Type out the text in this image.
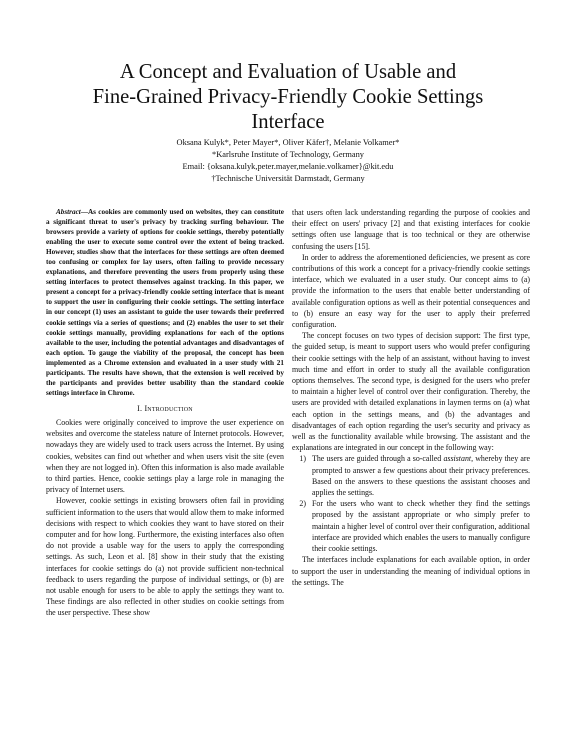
A Concept and Evaluation of Usable and
Fine-Grained Privacy-Friendly Cookie Settings
Interface
Oksana Kulyk*, Peter Mayer*, Oliver Käfer†, Melanie Volkamer*
*Karlsruhe Institute of Technology, Germany
Email: {oksana.kulyk,peter.mayer,melanie.volkamer}@kit.edu
†Technische Universität Darmstadt, Germany

Abstract—As cookies are commonly used on websites, they can constitute a significant threat to user's privacy by tracking surfing behaviour. The browsers provide a variety of options for cookie settings, thereby potentially enabling the user to execute some control over the extent of being tracked. However, studies show that the interfaces for these settings are often deemed too confusing or complex for lay users, often failing to provide necessary explanations, and therefore preventing the users from properly using these setting interfaces to protect themselves against tracking. In this paper, we present a concept for a privacy-friendly cookie setting interface that is meant to support the user in configuring their cookie settings. The setting interface in our concept (1) uses an assistant to guide the user towards their preferred cookie settings via a series of questions; and (2) enables the user to set their cookie settings manually, providing explanations for each of the options available to the user, including the potential advantages and disadvantages of each option. To gauge the viability of the proposal, the concept has been implemented as a Chrome extension and evaluated in a user study with 21 participants. The results have shown, that the extension is well received by the participants and provides better usability than the standard cookie settings interface in Chrome.

I. Introduction

Cookies were originally conceived to improve the user experience on websites and overcome the stateless nature of Internet protocols. However, nowadays they are widely used to track users across the Internet. By using cookies, websites can find out whether and when users visit the site (even when they are not logged in). Often this information is also made available to third parties. Hence, cookie settings play a large role in managing the privacy of Internet users.

However, cookie settings in existing browsers often fail in providing sufficient information to the users that would allow them to make informed decisions with respect to which cookies they want to have stored on their computer and for how long. Furthermore, the existing interfaces also often do not provide a usable way for the users to apply the corresponding settings. As such, Leon et al. [8] show in their study that the existing interfaces for cookie settings do (a) not provide sufficient non-technical feedback to users regarding the purpose of individual settings, or (b) are not usable enough for users to be able to apply the settings they want to. These findings are also reflected in other studies on cookie settings from the user perspective. These show

that users often lack understanding regarding the purpose of cookies and their effect on users' privacy [2] and that existing interfaces for cookie settings often use language that is too technical or they are otherwise confusing the users [15].

In order to address the aforementioned deficiencies, we present as core contributions of this work a concept for a privacy-friendly cookie settings interface, which we evaluated in a user study. Our concept aims to (a) provide the information to the users that enable better understanding of available configuration options as well as their potential consequences and to (b) ensure an easy way for the user to apply their preferred configuration.

The concept focuses on two types of decision support: The first type, the guided setup, is meant to support users who would prefer configuring their cookie settings with the help of an assistant, without having to invest much time and effort in order to study all the available configuration options themselves. The second type, is designed for the users who prefer to maintain a higher level of control over their configuration. Thereby, the users are provided with detailed explanations in laymen terms on (a) what each option in the settings means, and (b) the advantages and disadvantages of each option regarding the user's security and privacy as well as the functionality available while browsing. The assistant and the explanations are integrated in our concept in the following way:

1) The users are guided through a so-called assistant, whereby they are prompted to answer a few questions about their privacy preferences. Based on the answers to these questions the assistant chooses and applies the settings.
2) For the users who want to check whether they find the settings proposed by the assistant appropriate or who simply prefer to maintain a higher level of control over their configuration, additional interface are provided which enables the users to manually configure their cookie settings.

The interfaces include explanations for each available option, in order to support the user in understanding the meaning of individual options in the settings. The
